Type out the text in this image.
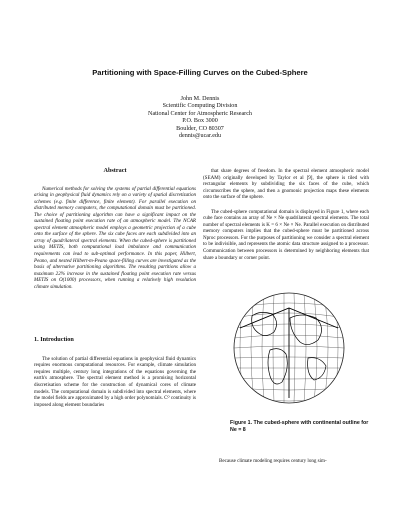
Partitioning with Space-Filling Curves on the Cubed-Sphere
John M. Dennis
Scientific Computing Division
National Center for Atmospheric Research
P.O. Box 3000
Boulder, CO 80307
dennis@ucar.edu
Abstract
Numerical methods for solving the systems of partial differential equations arising in geophysical fluid dynamics rely on a variety of spatial discretization schemes (e.g. finite difference, finite element). For parallel execution on distributed memory computers, the computational domain must be partitioned. The choice of partitioning algorithm can have a significant impact on the sustained floating point execution rate of an atmospheric model. The NCAR spectral element atmospheric model employs a geometric projection of a cube onto the surface of the sphere. The six cube faces are each subdivided into an array of quadrilateral spectral elements. When the cubed-sphere is partitioned using METIS, both computational load imbalance and communication requirements can lead to sub-optimal performance. In this paper, Hilbert, Peano, and nested Hilbert-m-Peano space-filling curves are investigated as the basis of alternative partitioning algorithms. The resulting partitions allow a maximum 22% increase in the sustained floating point execution rate versus METIS on O(1000) processors, when running a relatively high resolution climate simulation.
1. Introduction
The solution of partial differential equations in geophysical fluid dynamics requires enormous computational resources. For example, climate simulation requires multiple, century long integrations of the equations governing the earth's atmosphere. The spectral element method is a promising horizontal discretisation scheme for the construction of dynamical cores of climate models. The computational domain is subdivided into spectral elements, where the model fields are approximated by a high order polynomials. C⁰ continuity is imposed along element boundaries
that share degrees of freedom. In the spectral element atmospheric model (SEAM) originally developed by Taylor et al [9], the sphere is tiled with rectangular elements by subdividing the six faces of the cube, which circumscribes the sphere, and then a gnomonic projection maps these elements onto the surface of the sphere.
The cubed-sphere computational domain is displayed in Figure 1, where each cube face contains an array of Ne × Ne quadrilateral spectral elements. The total number of spectral elements is K = 6 × Ne × Ne. Parallel execution on distributed memory computers implies that the cubed-sphere must be partitioned across Nproc processors. For the purposes of partitioning we consider a spectral element to be indivisible, and represents the atomic data structure assigned to a processor. Communication between processors is determined by neighboring elements that share a boundary or corner point.
Figure 1. The cubed-sphere with continental outline for Ne = 8
Because climate modeling requires century long sim-
